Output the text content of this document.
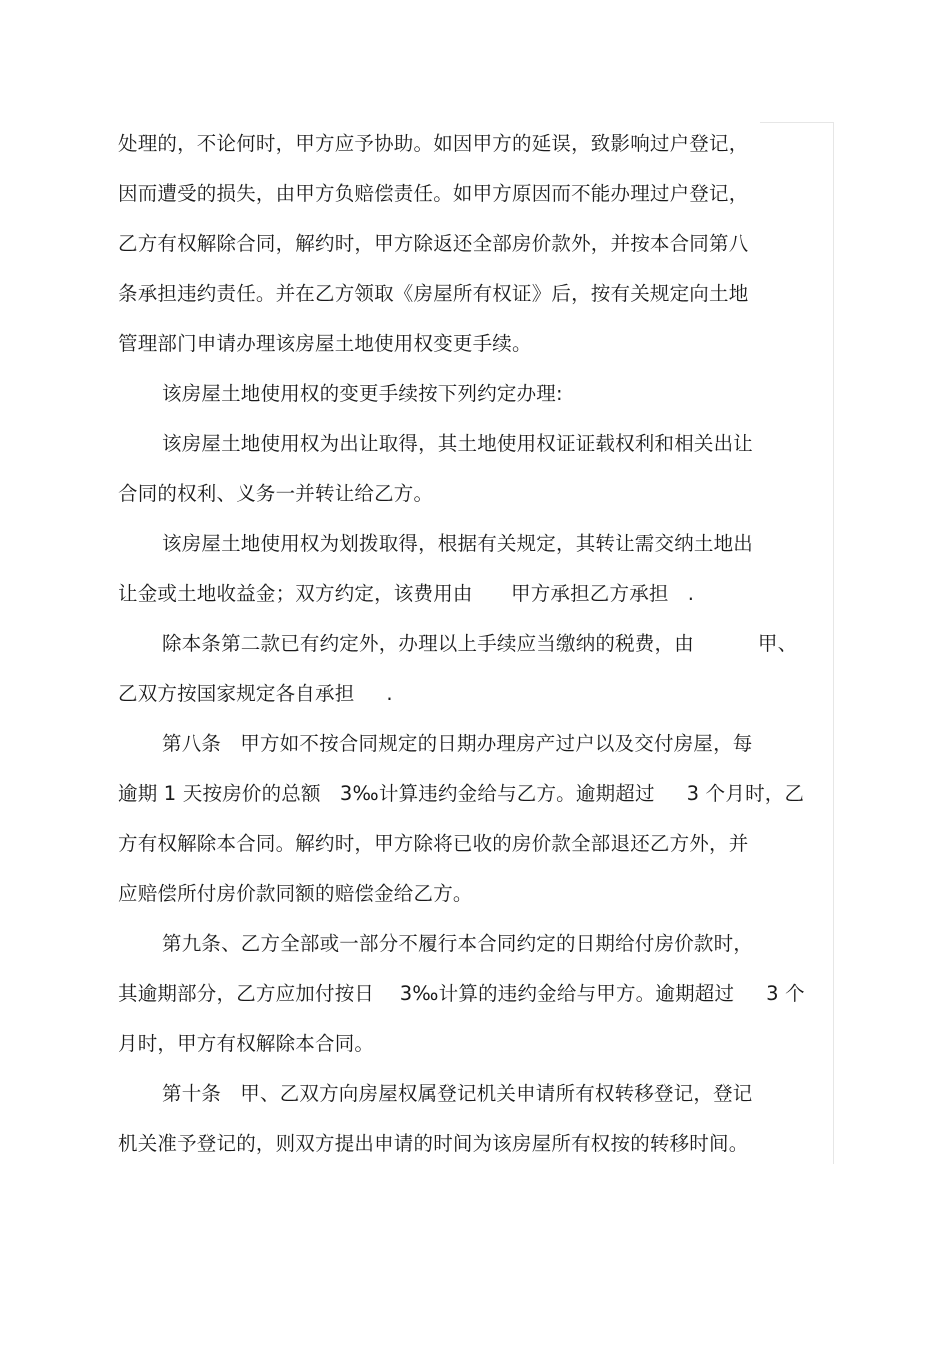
处理的，不论何时，甲方应予协助。如因甲方的延误，致影响过户登记，
因而遭受的损失，由甲方负赔偿责任。如甲方原因而不能办理过户登记，
乙方有权解除合同，解约时，甲方除返还全部房价款外，并按本合同第八
条承担违约责任。并在乙方领取《房屋所有权证》后，按有关规定向土地
管理部门申请办理该房屋土地使用权变更手续。
该房屋土地使用权的变更手续按下列约定办理:
该房屋土地使用权为出让取得，其土地使用权证证载权利和相关出让
合同的权利、义务一并转让给乙方。
该房屋土地使用权为划拨取得，根据有关规定，其转让需交纳土地出
让金或土地收益金；双方约定，该费用由      甲方承担乙方承担   .
除本条第二款已有约定外，办理以上手续应当缴纳的税费，由          甲、
乙双方按国家规定各自承担     .
第八条   甲方如不按合同规定的日期办理房产过户以及交付房屋，每
逾期 1 天按房价的总额   3‰计算违约金给与乙方。逾期超过     3 个月时，乙
方有权解除本合同。解约时，甲方除将已收的房价款全部退还乙方外，并
应赔偿所付房价款同额的赔偿金给乙方。
第九条、乙方全部或一部分不履行本合同约定的日期给付房价款时，
其逾期部分，乙方应加付按日    3‰计算的违约金给与甲方。逾期超过     3 个
月时，甲方有权解除本合同。
第十条   甲、乙双方向房屋权属登记机关申请所有权转移登记，登记
机关准予登记的，则双方提出申请的时间为该房屋所有权按的转移时间。
